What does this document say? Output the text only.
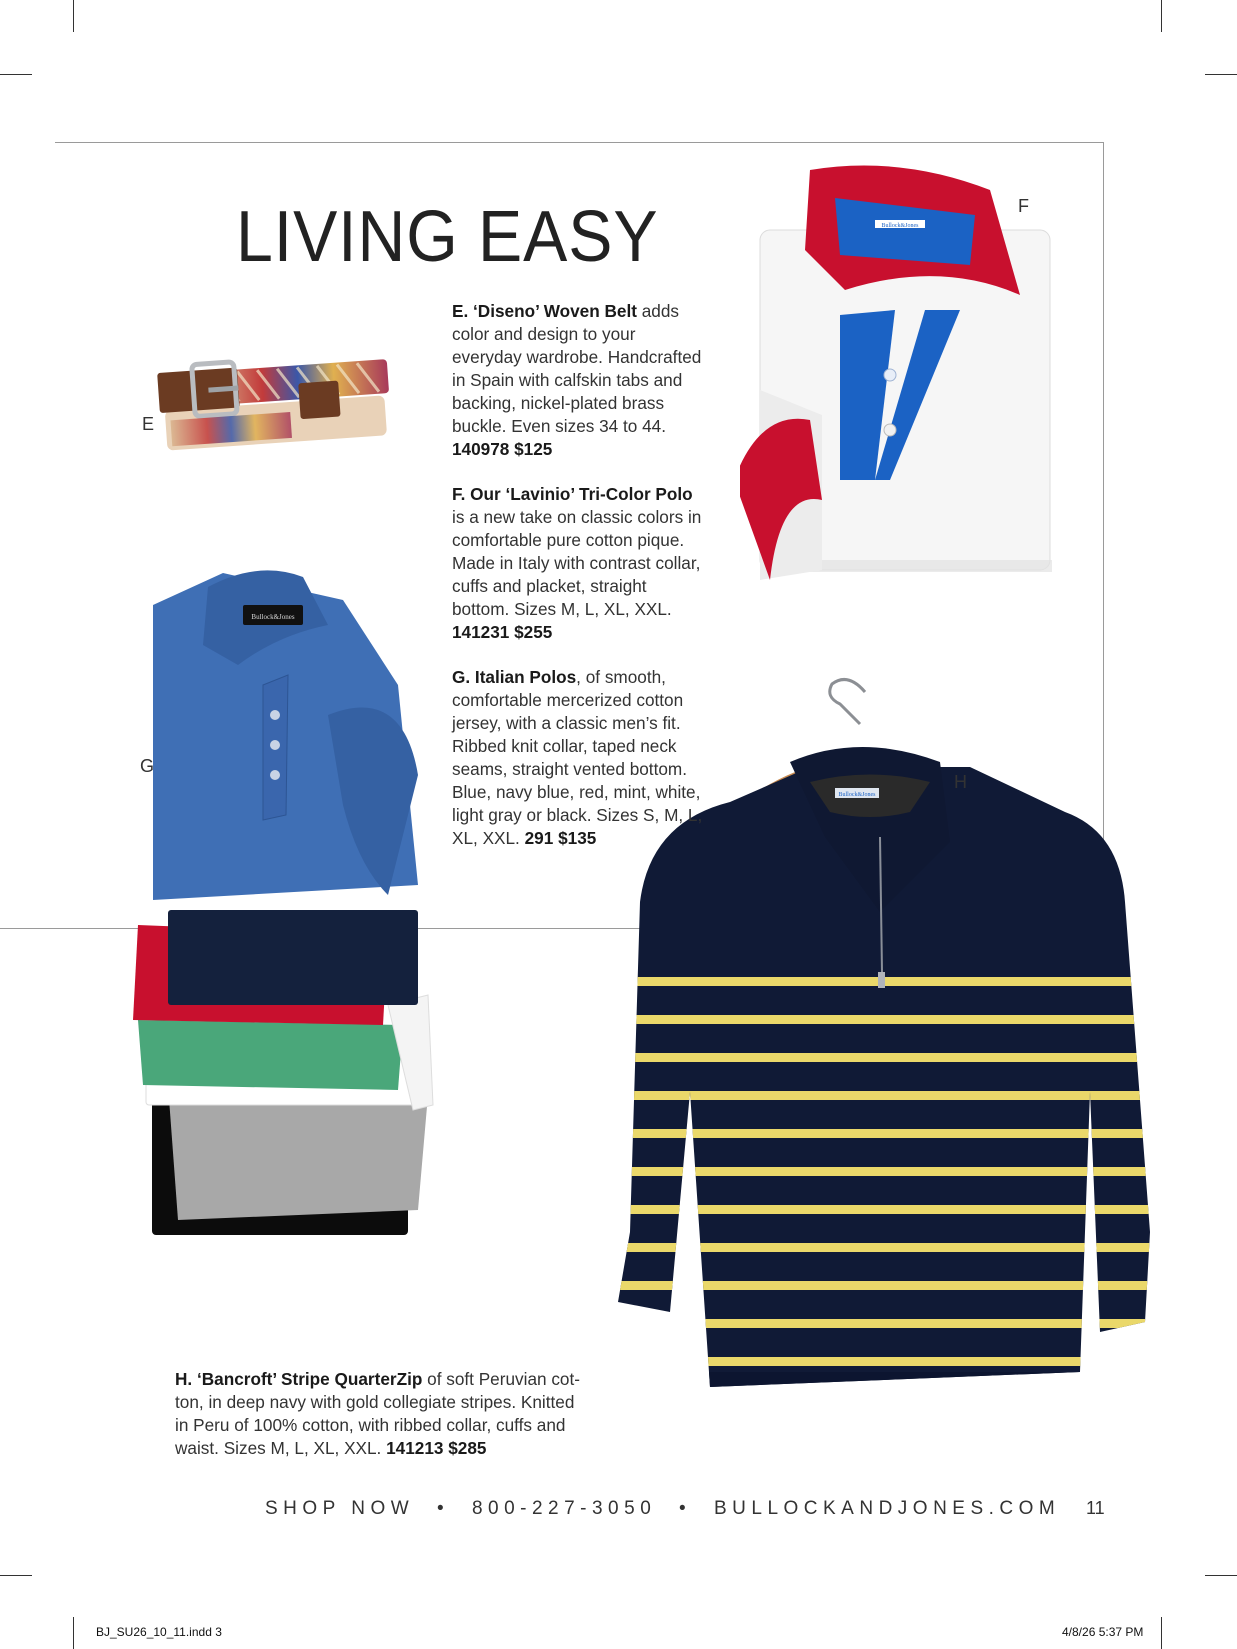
LIVING EASY
E
Bullock&Jones
F
Bullock&Jones
G
Bullock&Jones
H
E. ‘Diseno’ Woven Belt adds
color and design to your
everyday wardrobe. Handcrafted
in Spain with calfskin tabs and
backing, nickel-plated brass
buckle. Even sizes 34 to 44.
140978 $125
F. Our ‘Lavinio’ Tri-Color Polo
is a new take on classic colors in
comfortable pure cotton pique.
Made in Italy with contrast collar,
cuffs and placket, straight
bottom. Sizes M, L, XL, XXL.
141231 $255
G. Italian Polos, of smooth,
comfortable mercerized cotton
jersey, with a classic men’s fit.
Ribbed knit collar, taped neck
seams, straight vented bottom.
Blue, navy blue, red, mint, white,
light gray or black. Sizes S, M, L,
XL, XXL. 291 $135
H. ‘Bancroft’ Stripe QuarterZip of soft Peruvian cot-
ton, in deep navy with gold collegiate stripes. Knitted
in Peru of 100% cotton, with ribbed collar, cuffs and
waist. Sizes M, L, XL, XXL. 141213 $285
SHOP NOW • 800-227-3050 • BULLOCKANDJONES.COM 11
BJ_SU26_10_11.indd 3	4/8/26 5:37 PM
